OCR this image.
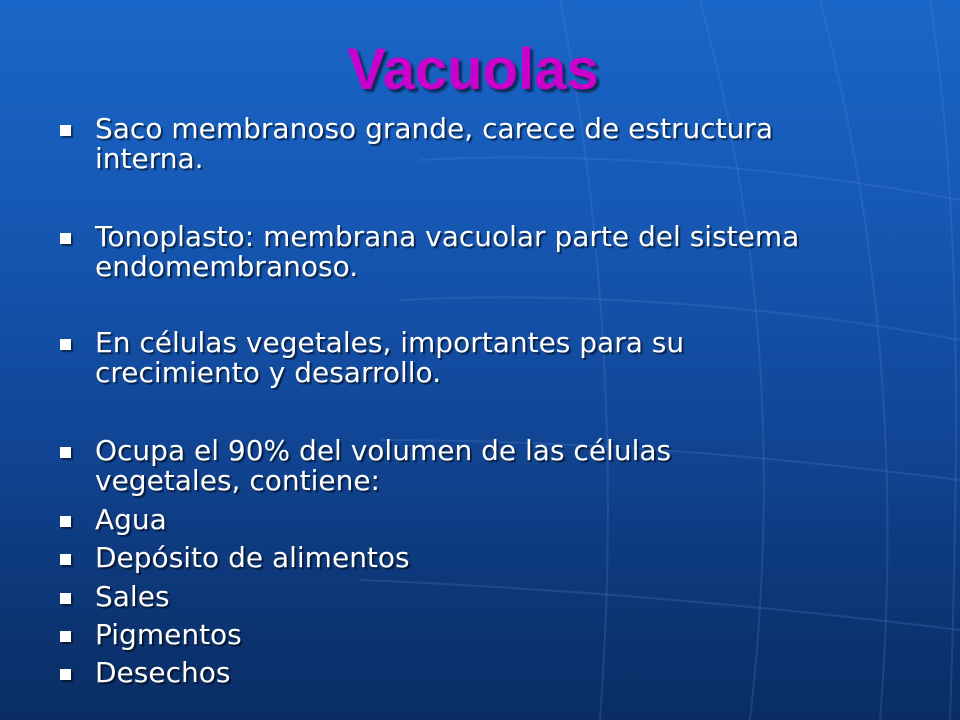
Vacuolas
Saco membranoso grande, carece de estructura
interna.
Tonoplasto: membrana vacuolar parte del sistema
endomembranoso.
En células vegetales, importantes para su
crecimiento y desarrollo.
Ocupa el 90% del volumen de las células
vegetales, contiene:
Agua
Depósito de alimentos
Sales
Pigmentos
Desechos
